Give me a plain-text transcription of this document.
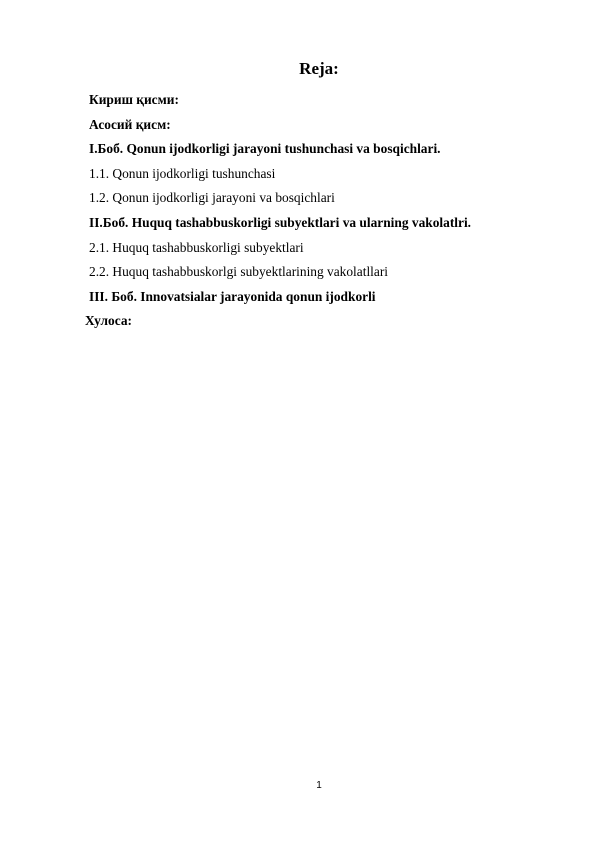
Reja:
Кириш қисми:
Асосий қисм:
I.Боб. Qonun ijodkorligi jarayoni tushunchasi va bosqichlari.
1.1. Qonun ijodkorligi tushunchasi
1.2. Qonun ijodkorligi jarayoni va bosqichlari
II.Боб. Huquq tashabbuskorligi subyektlari va ularning vakolatlri.
2.1. Huquq tashabbuskorligi subyektlari
2.2. Huquq tashabbuskorlgi subyektlarining vakolatllari
III. Боб. Innovatsialar jarayonida qonun ijodkorli
Хулоса:
1
